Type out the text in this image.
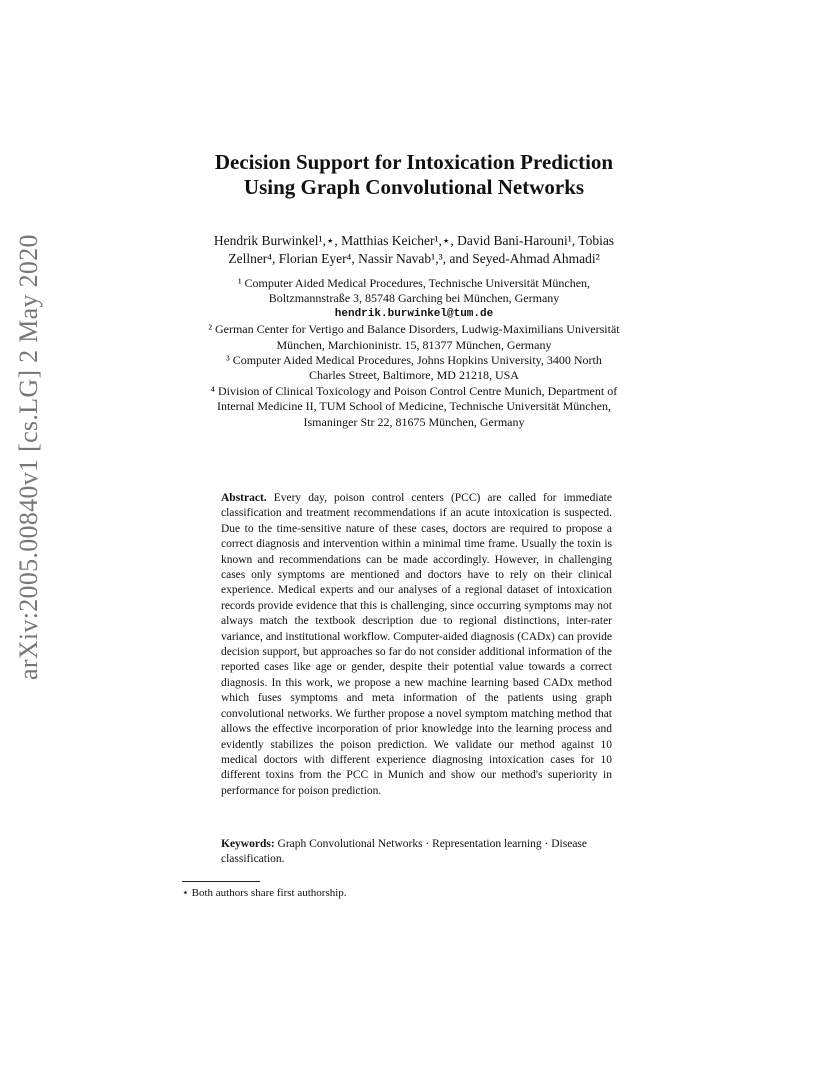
arXiv:2005.00840v1 [cs.LG] 2 May 2020
Decision Support for Intoxication Prediction
Using Graph Convolutional Networks
Hendrik Burwinkel¹,⋆, Matthias Keicher¹,⋆, David Bani-Harouni¹, Tobias
Zellner⁴, Florian Eyer⁴, Nassir Navab¹,³, and Seyed-Ahmad Ahmadi²
¹ Computer Aided Medical Procedures, Technische Universität München,
Boltzmannstraße 3, 85748 Garching bei München, Germany
hendrik.burwinkel@tum.de
² German Center for Vertigo and Balance Disorders, Ludwig-Maximilians Universität
München, Marchioninistr. 15, 81377 München, Germany
³ Computer Aided Medical Procedures, Johns Hopkins University, 3400 North
Charles Street, Baltimore, MD 21218, USA
⁴ Division of Clinical Toxicology and Poison Control Centre Munich, Department of
Internal Medicine II, TUM School of Medicine, Technische Universität München,
Ismaninger Str 22, 81675 München, Germany
Abstract. Every day, poison control centers (PCC) are called for immediate classification and treatment recommendations if an acute intoxication is suspected. Due to the time-sensitive nature of these cases, doctors are required to propose a correct diagnosis and intervention within a minimal time frame. Usually the toxin is known and recommendations can be made accordingly. However, in challenging cases only symptoms are mentioned and doctors have to rely on their clinical experience. Medical experts and our analyses of a regional dataset of intoxication records provide evidence that this is challenging, since occurring symptoms may not always match the textbook description due to regional distinctions, inter-rater variance, and institutional workflow. Computer-aided diagnosis (CADx) can provide decision support, but approaches so far do not consider additional information of the reported cases like age or gender, despite their potential value towards a correct diagnosis. In this work, we propose a new machine learning based CADx method which fuses symptoms and meta information of the patients using graph convolutional networks. We further propose a novel symptom matching method that allows the effective incorporation of prior knowledge into the learning process and evidently stabilizes the poison prediction. We validate our method against 10 medical doctors with different experience diagnosing intoxication cases for 10 different toxins from the PCC in Munich and show our method's superiority in performance for poison prediction.
Keywords: Graph Convolutional Networks · Representation learning · Disease classification.
⋆ Both authors share first authorship.
